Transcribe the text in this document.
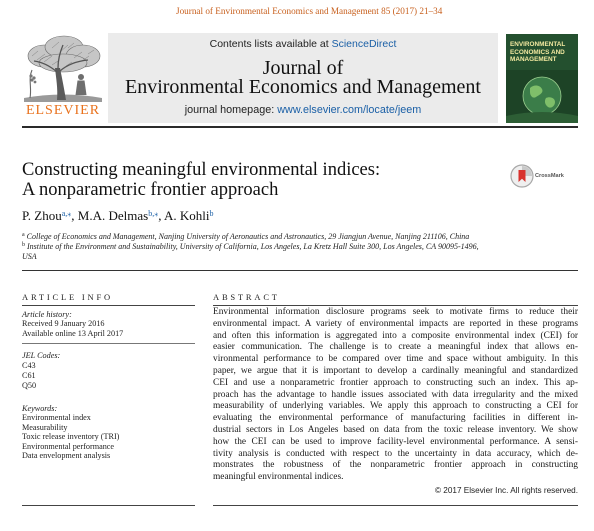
Journal of Environmental Economics and Management 85 (2017) 21–34
ELSEVIER
Contents lists available at ScienceDirect
Journal of
Environmental Economics and Management
journal homepage: www.elsevier.com/locate/jeem
ENVIRONMENTAL
ECONOMICS AND
MANAGEMENT
Constructing meaningful environmental indices:
A nonparametric frontier approach
CrossMark
P. Zhou$^{a,⁎}$, M.A. Delmas$^{b,⁎}$, A. Kohli$^b$
$^a$ College of Economics and Management, Nanjing University of Aeronautics and Astronautics, 29 Jiangjun Avenue, Nanjing 211106, China
$^b$ Institute of the Environment and Sustainability, University of California, Los Angeles, La Kretz Hall Suite 300, Los Angeles, CA 90095-1496,
USA
ARTICLE INFO	ABSTRACT
Article history:
Received 9 January 2016
Available online 13 April 2017
JEL Codes:
C43
C61
Q50
Keywords:
Environmental index
Measurability
Toxic release inventory (TRI)
Environmental performance
Data envelopment analysis
Environmental information disclosure programs seek to motivate firms to reduce their
environmental impact. A variety of environmental impacts are reported in these programs
and often this information is aggregated into a composite environmental index (CEI) for
easier communication. The challenge is to create a meaningful index that allows en-
vironmental performance to be compared over time and space without ambiguity. In this
paper, we argue that it is important to develop a cardinally meaningful and standardized
CEI and use a nonparametric frontier approach to constructing such an index. This ap-
proach has the advantage to handle issues associated with data irregularity and the mixed
measurability of underlying variables. We apply this approach to constructing a CEI for
evaluating the environmental performance of manufacturing facilities in different in-
dustrial sectors in Los Angeles based on data from the toxic release inventory. We show
how the CEI can be used to improve facility-level environmental performance. A sensi-
tivity analysis is conducted with respect to the uncertainty in data accuracy, which de-
monstrates the robustness of the nonparametric frontier approach in constructing
meaningful environmental indices.
© 2017 Elsevier Inc. All rights reserved.
